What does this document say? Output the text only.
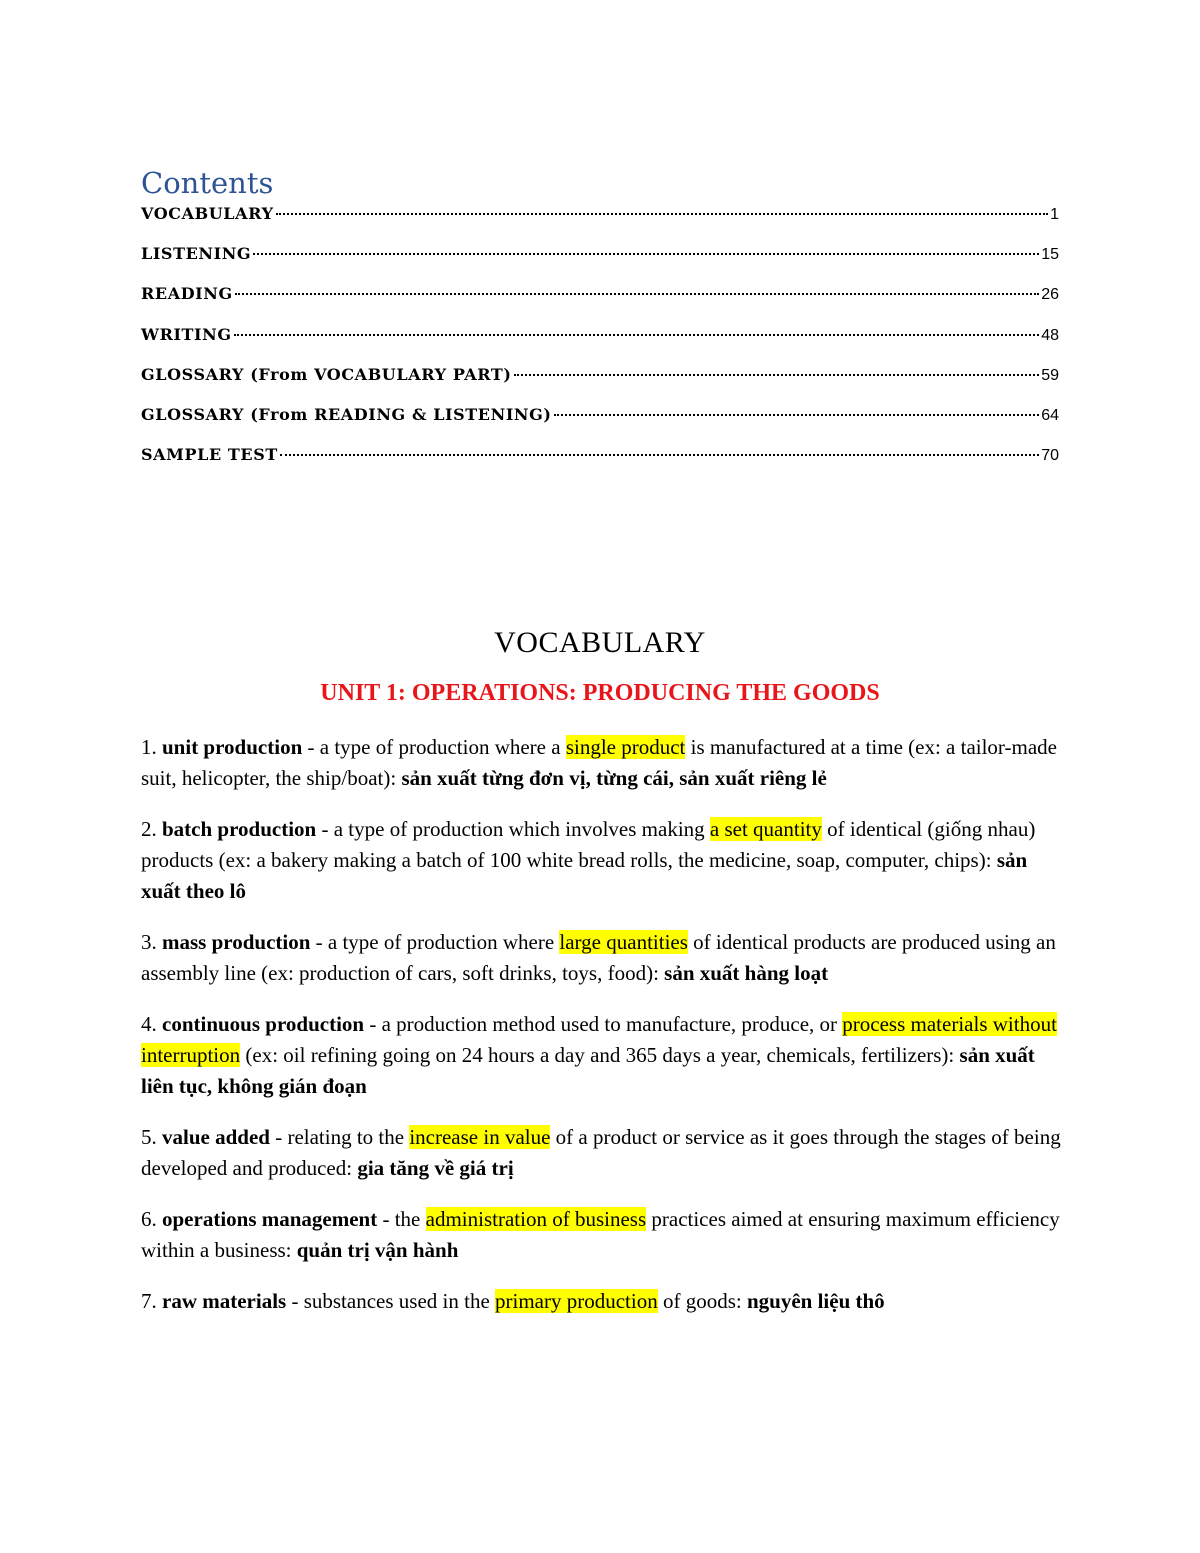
Contents
VOCABULARY	1
LISTENING	15
READING	26
WRITING	48
GLOSSARY (From VOCABULARY PART)	59
GLOSSARY (From READING & LISTENING)	64
SAMPLE TEST	70
VOCABULARY
UNIT 1: OPERATIONS: PRODUCING THE GOODS

1. unit production - a type of production where a single product is manufactured at a time (ex: a tailor-made suit, helicopter, the ship/boat): sản xuất từng đơn vị, từng cái, sản xuất riêng lẻ

2. batch production - a type of production which involves making a set quantity of identical (giống nhau) products (ex: a bakery making a batch of 100 white bread rolls, the medicine, soap, computer, chips): sản xuất theo lô

3. mass production - a type of production where large quantities of identical products are produced using an assembly line (ex: production of cars, soft drinks, toys, food): sản xuất hàng loạt

4. continuous production - a production method used to manufacture, produce, or process materials without interruption (ex: oil refining going on 24 hours a day and 365 days a year, chemicals, fertilizers): sản xuất liên tục, không gián đoạn

5. value added - relating to the increase in value of a product or service as it goes through the stages of being developed and produced: gia tăng về giá trị

6. operations management - the administration of business practices aimed at ensuring maximum efficiency within a business: quản trị vận hành

7. raw materials - substances used in the primary production of goods: nguyên liệu thô
